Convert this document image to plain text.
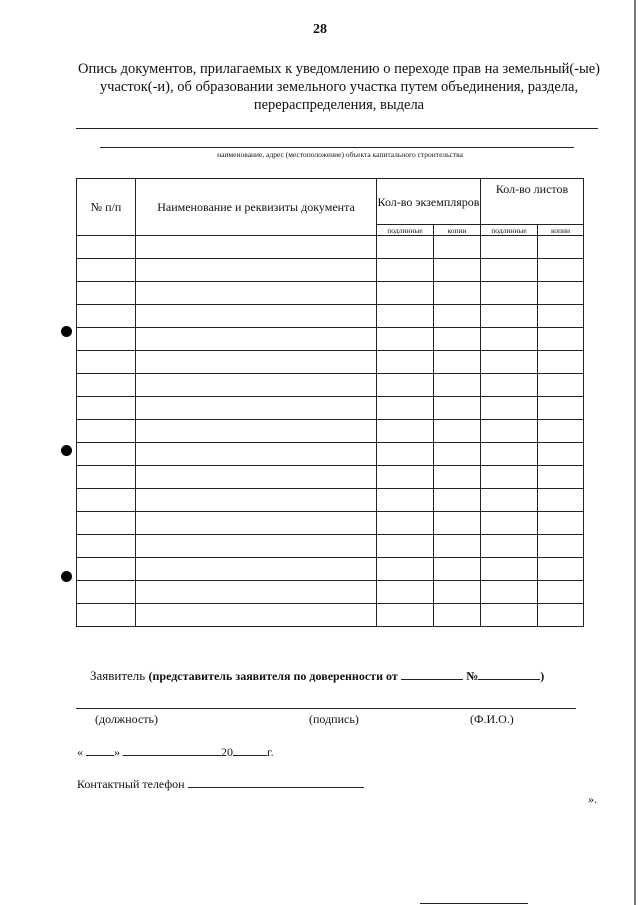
28
Опись документов, прилагаемых к уведомлению о переходе прав на земельный(-ые) участок(-и), об образовании земельного участка путем объединения, раздела, перераспределения, выдела
наименование, адрес (местоположение) объекта капитального строительства
№ п/п	Наименование и реквизиты документа	Кол-во экземпляров		Кол-во листов	
		подлинные	копии	подлинные	копии

Заявитель (представитель заявителя по доверенности от	№	)
(должность)	(подпись)	(Ф.И.О.)
«	»	20	г.
Контактный телефон
».
